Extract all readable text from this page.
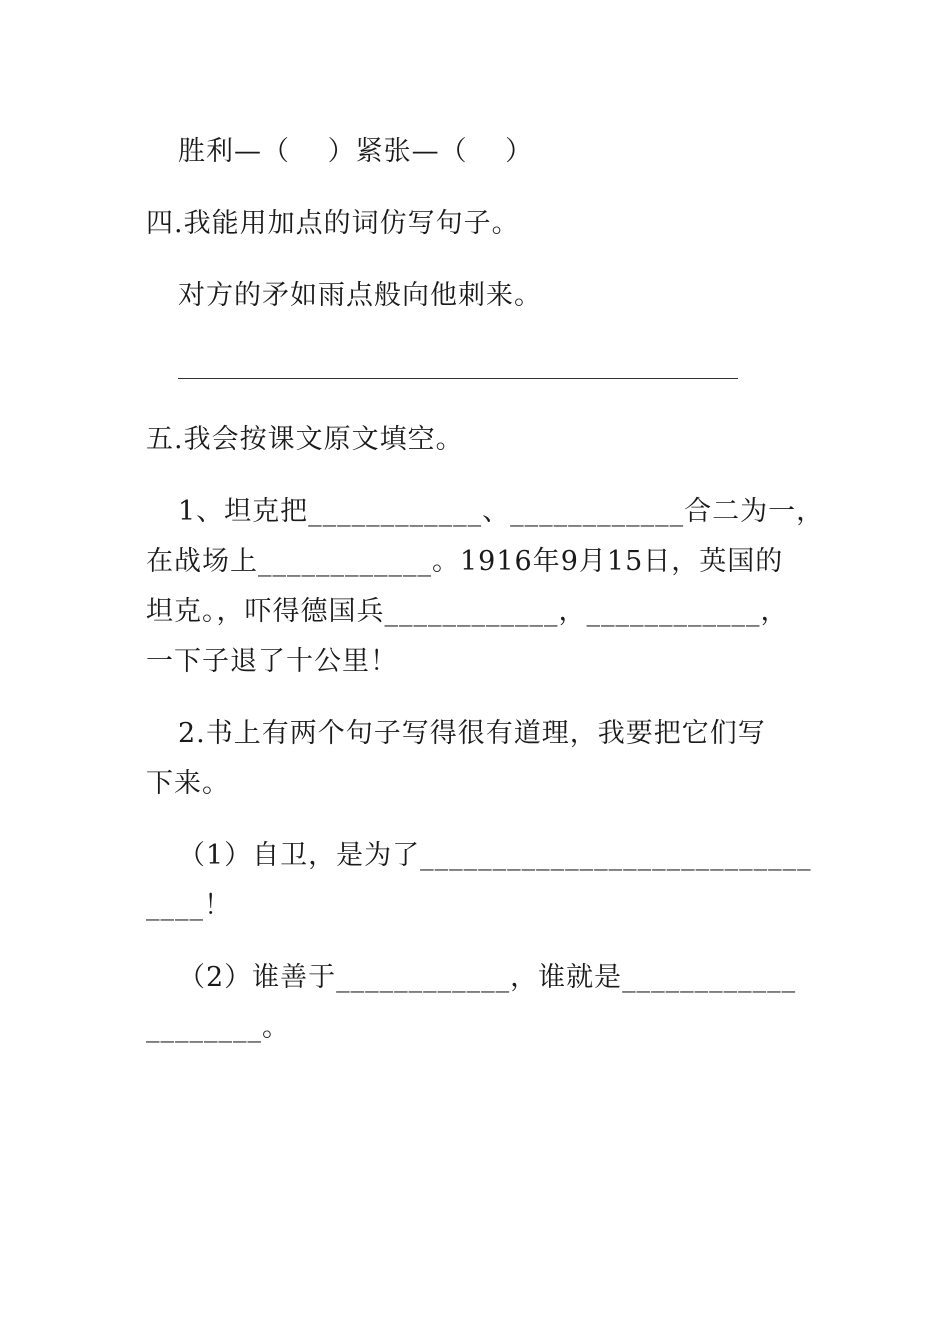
胜利—（　 ）紧张—（　 ）
四.我能用加点的词仿写句子。
对方的矛如雨点般向他刺来。
五.我会按课文原文填空。
1、坦克把____________、____________合二为一，
在战场上____________。1916年9月15日，英国的
坦克。，吓得德国兵____________，____________，
一下子退了十公里！
2.书上有两个句子写得很有道理，我要把它们写
下来。
（1）自卫，是为了___________________________
____！
（2）谁善于____________，谁就是____________
________。
